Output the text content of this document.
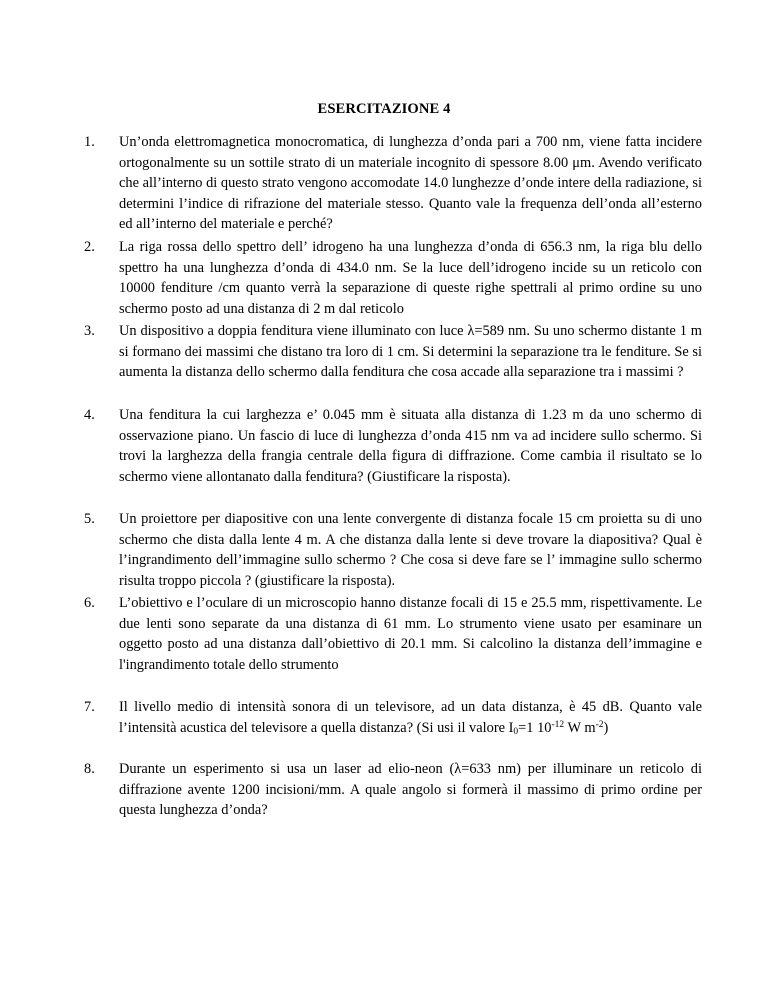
ESERCITAZIONE 4
1. Un’onda elettromagnetica monocromatica, di lunghezza d’onda pari a 700 nm, viene fatta incidere ortogonalmente su un sottile strato di un materiale incognito di spessore 8.00 μm. Avendo verificato che all’interno di questo strato vengono accomodate 14.0 lunghezze d’onde intere della radiazione, si determini l’indice di rifrazione del materiale stesso. Quanto vale la frequenza dell’onda all’esterno ed all’interno del materiale e perché?
2. La riga rossa dello spettro dell’ idrogeno ha una lunghezza d’onda di 656.3 nm, la riga blu dello spettro ha una lunghezza d’onda di 434.0 nm. Se la luce dell’idrogeno incide su un reticolo con 10000 fenditure /cm quanto verrà la separazione di queste righe spettrali al primo ordine su uno schermo posto ad una distanza di 2 m dal reticolo
3. Un dispositivo a doppia fenditura viene illuminato con luce λ=589 nm. Su uno schermo distante 1 m si formano dei massimi che distano tra loro di 1 cm. Si determini la separazione tra le fenditure. Se si aumenta la distanza dello schermo dalla fenditura che cosa accade alla separazione tra i massimi ?
4. Una fenditura la cui larghezza e’ 0.045 mm è situata alla distanza di 1.23 m da uno schermo di osservazione piano. Un fascio di luce di lunghezza d’onda 415 nm va ad incidere sullo schermo. Si trovi la larghezza della frangia centrale della figura di diffrazione. Come cambia il risultato se lo schermo viene allontanato dalla fenditura? (Giustificare la risposta).
5. Un proiettore per diapositive con una lente convergente di distanza focale 15 cm proietta su di uno schermo che dista dalla lente 4 m. A che distanza dalla lente si deve trovare la diapositiva? Qual è l’ingrandimento dell’immagine sullo schermo ? Che cosa si deve fare se l’ immagine sullo schermo risulta troppo piccola ? (giustificare la risposta).
6. L’obiettivo e l’oculare di un microscopio hanno distanze focali di 15 e 25.5 mm, rispettivamente. Le due lenti sono separate da una distanza di 61 mm. Lo strumento viene usato per esaminare un oggetto posto ad una distanza dall’obiettivo di 20.1 mm. Si calcolino la distanza dell’immagine e l'ingrandimento totale dello strumento
7. Il livello medio di intensità sonora di un televisore, ad un data distanza, è 45 dB. Quanto vale l’intensità acustica del televisore a quella distanza? (Si usi il valore $I_0=1$ $10^{-12}$ W $m^{-2}$)
8. Durante un esperimento si usa un laser ad elio-neon (λ=633 nm) per illuminare un reticolo di diffrazione avente 1200 incisioni/mm. A quale angolo si formerà il massimo di primo ordine per questa lunghezza d’onda?
